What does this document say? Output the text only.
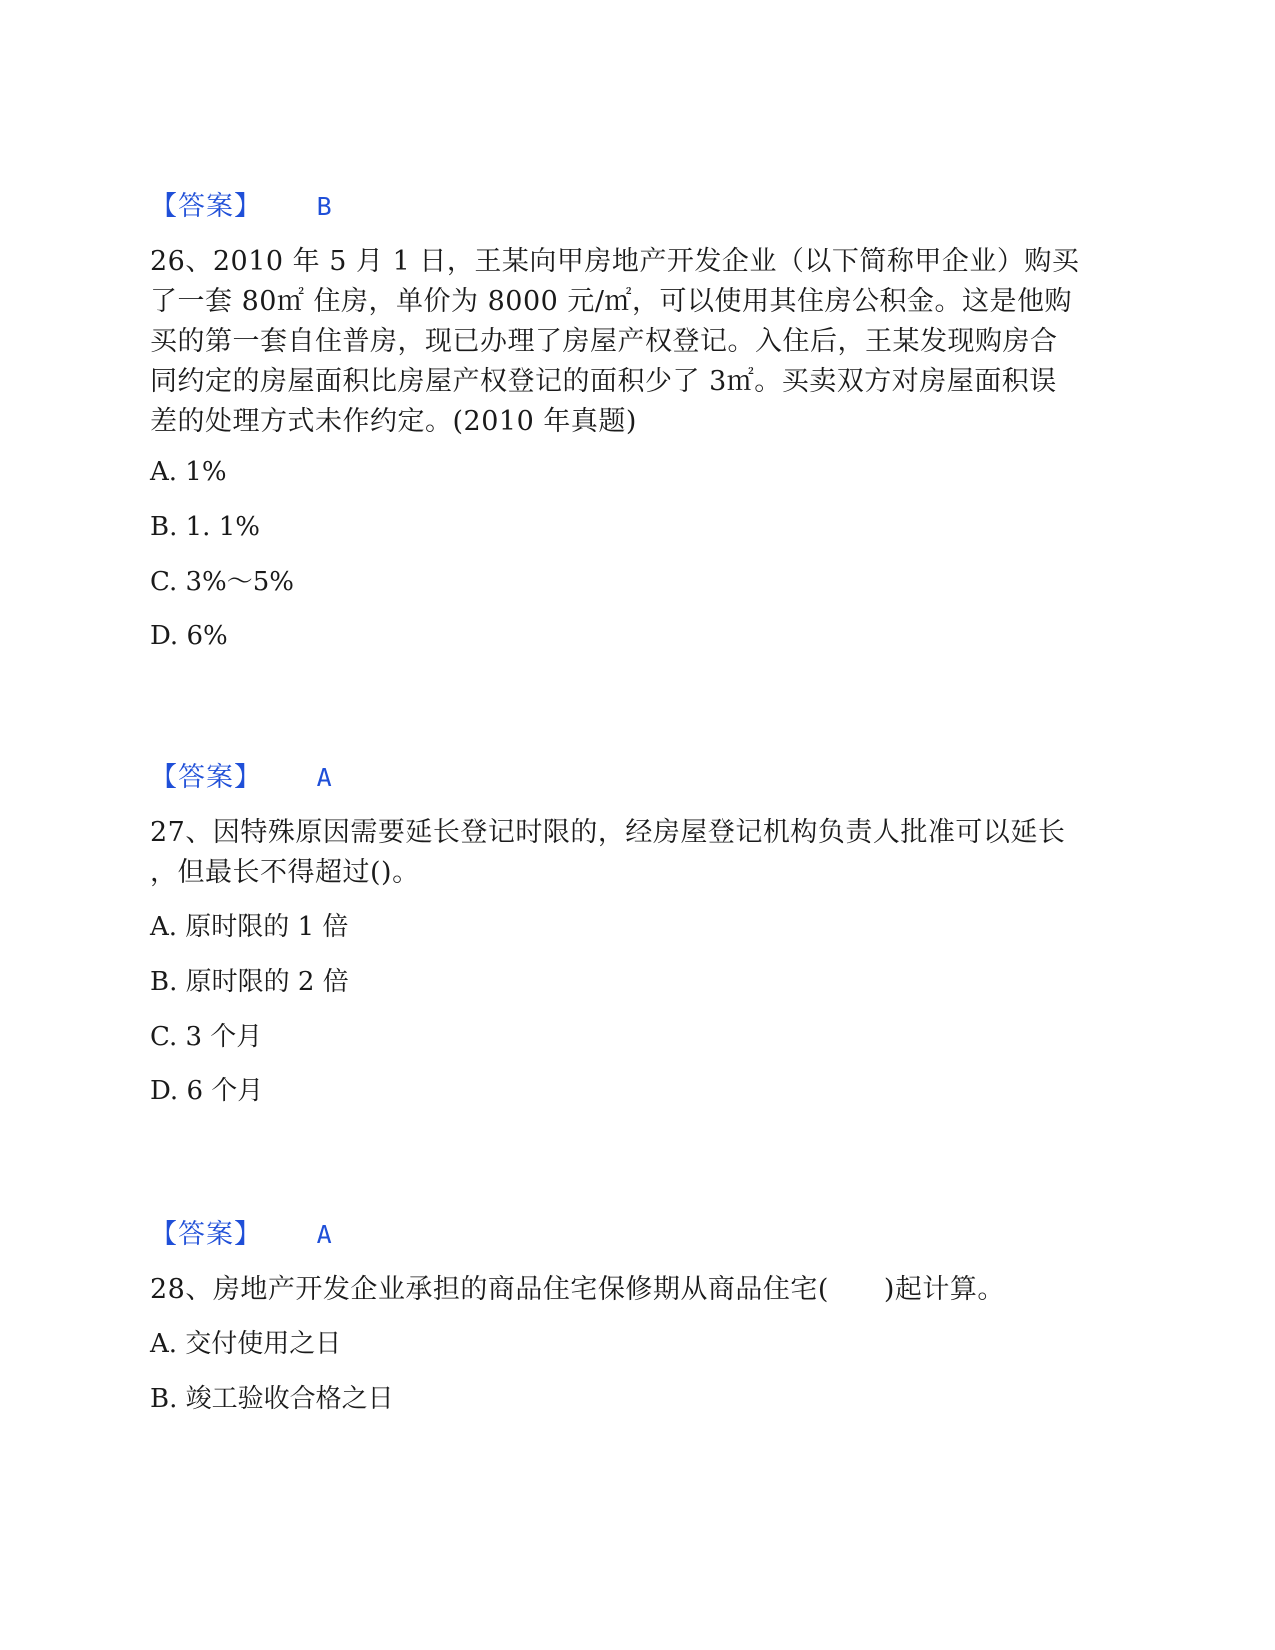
【答案】 B
26、2010 年 5 月 1 日，王某向甲房地产开发企业（以下简称甲企业）购买了一套 80㎡ 住房，单价为 8000 元/㎡，可以使用其住房公积金。这是他购买的第一套自住普房，现已办理了房屋产权登记。入住后，王某发现购房合同约定的房屋面积比房屋产权登记的面积少了 3㎡。买卖双方对房屋面积误差的处理方式未作约定。(2010 年真题)
A. 1%
B. 1. 1%
C. 3%～5%
D. 6%
【答案】 A
27、因特殊原因需要延长登记时限的，经房屋登记机构负责人批准可以延长
，但最长不得超过()。
A. 原时限的 1 倍
B. 原时限的 2 倍
C. 3 个月
D. 6 个月
【答案】 A
28、房地产开发企业承担的商品住宅保修期从商品住宅(　　)起计算。
A. 交付使用之日
B. 竣工验收合格之日
